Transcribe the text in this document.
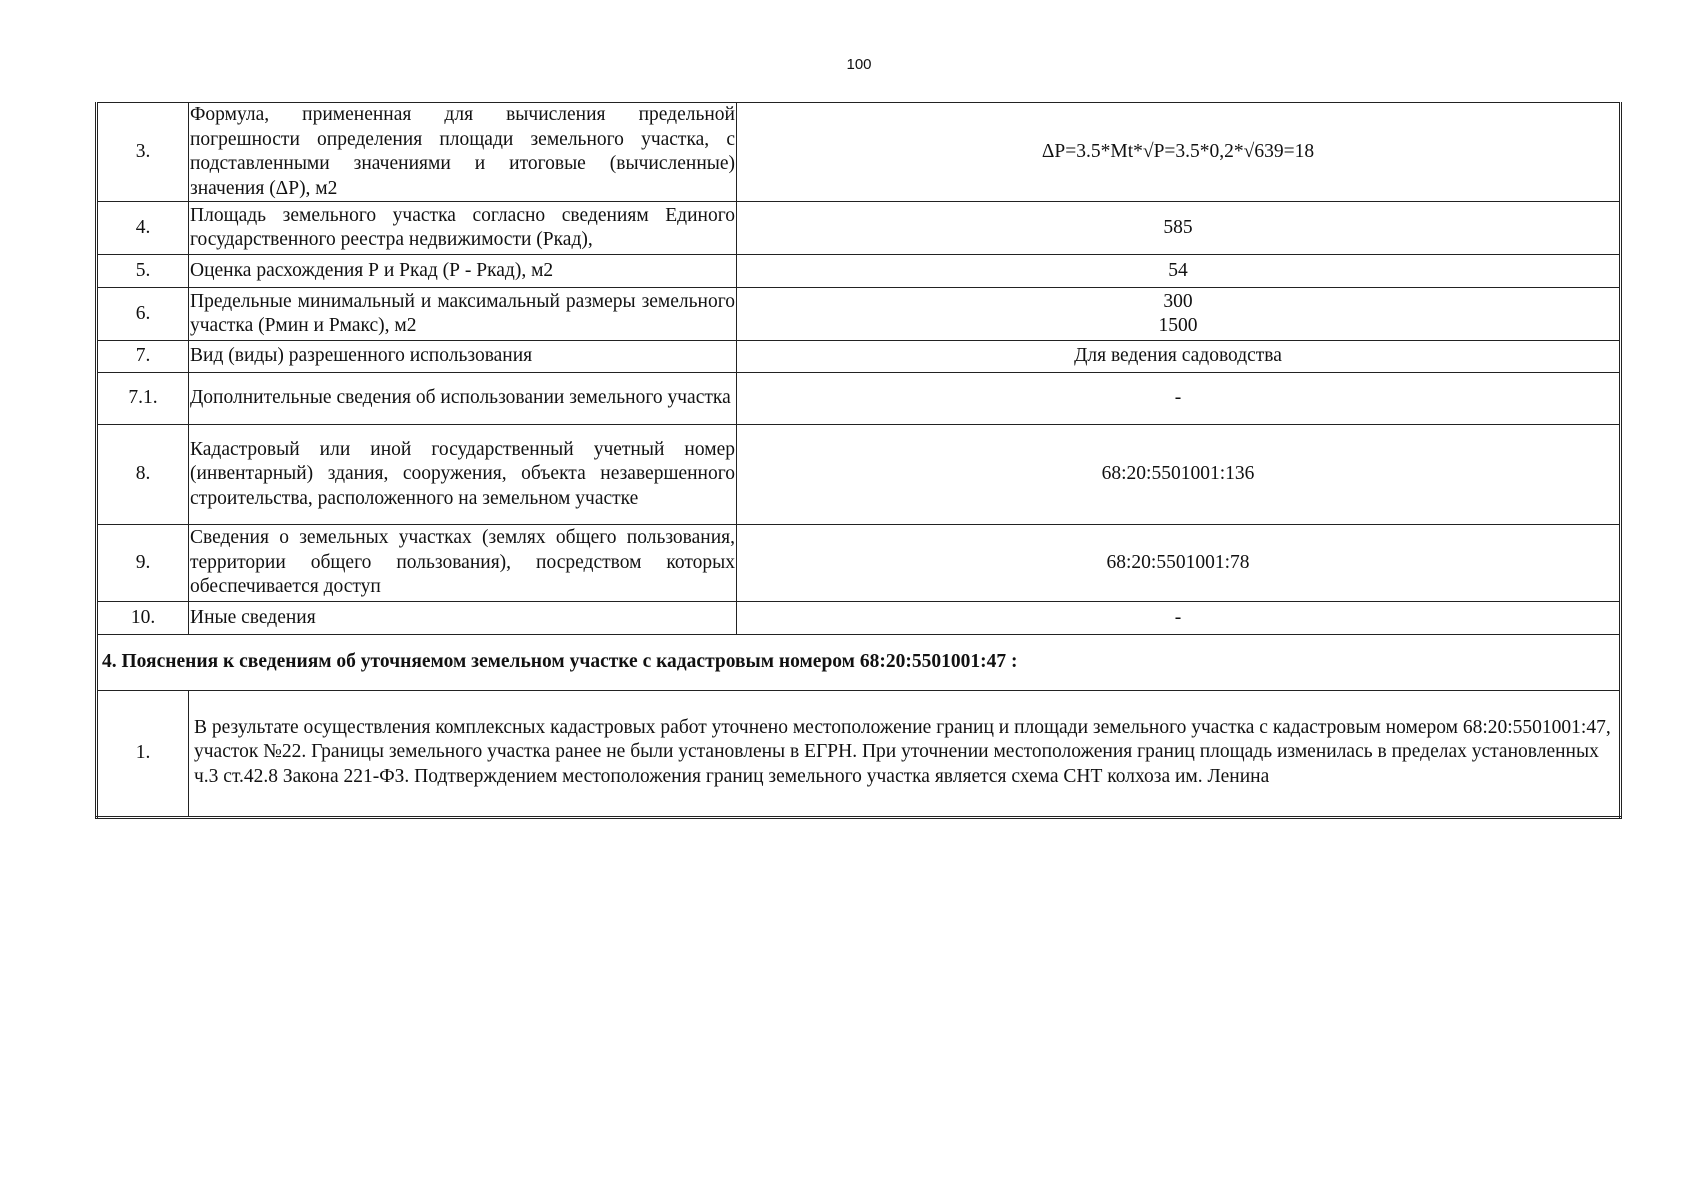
100
3.	Формула, примененная для вычисления предельной погрешности определения площади земельного участка, с подставленными значениями и итоговые (вычисленные) значения (ΔP), м2	ΔP=3.5*Mt*√P=3.5*0,2*√639=18

4.	Площадь земельного участка согласно сведениям Единого государственного реестра недвижимости (Ркад),	585

5.	Оценка расхождения Р и Ркад (Р - Ркад), м2	54

6.	Предельные минимальный и максимальный размеры земельного участка (Рмин и Рмакс), м2	300
1500

7.	Вид (виды) разрешенного использования	Для ведения садоводства

7.1.	Дополнительные сведения об использовании земельного участка	-

8.	Кадастровый или иной государственный учетный номер (инвентарный) здания, сооружения, объекта незавершенного строительства, расположенного на земельном участке	68:20:5501001:136

9.	Сведения о земельных участках (землях общего пользования, территории общего пользования), посредством которых обеспечивается доступ	68:20:5501001:78

10.	Иные сведения	-

4. Пояснения к сведениям об уточняемом земельном участке с кадастровым номером 68:20:5501001:47 :		
1.	В результате осуществления комплексных кадастровых работ уточнено местоположение границ и площади земельного участка с кадастровым номером 68:20:5501001:47, участок №22. Границы земельного участка ранее не были установлены в ЕГРН. При уточнении местоположения границ площадь изменилась в пределах установленных ч.3 ст.42.8 Закона 221-ФЗ. Подтверждением местоположения границ земельного участка является схема СНТ колхоза им. Ленина	
